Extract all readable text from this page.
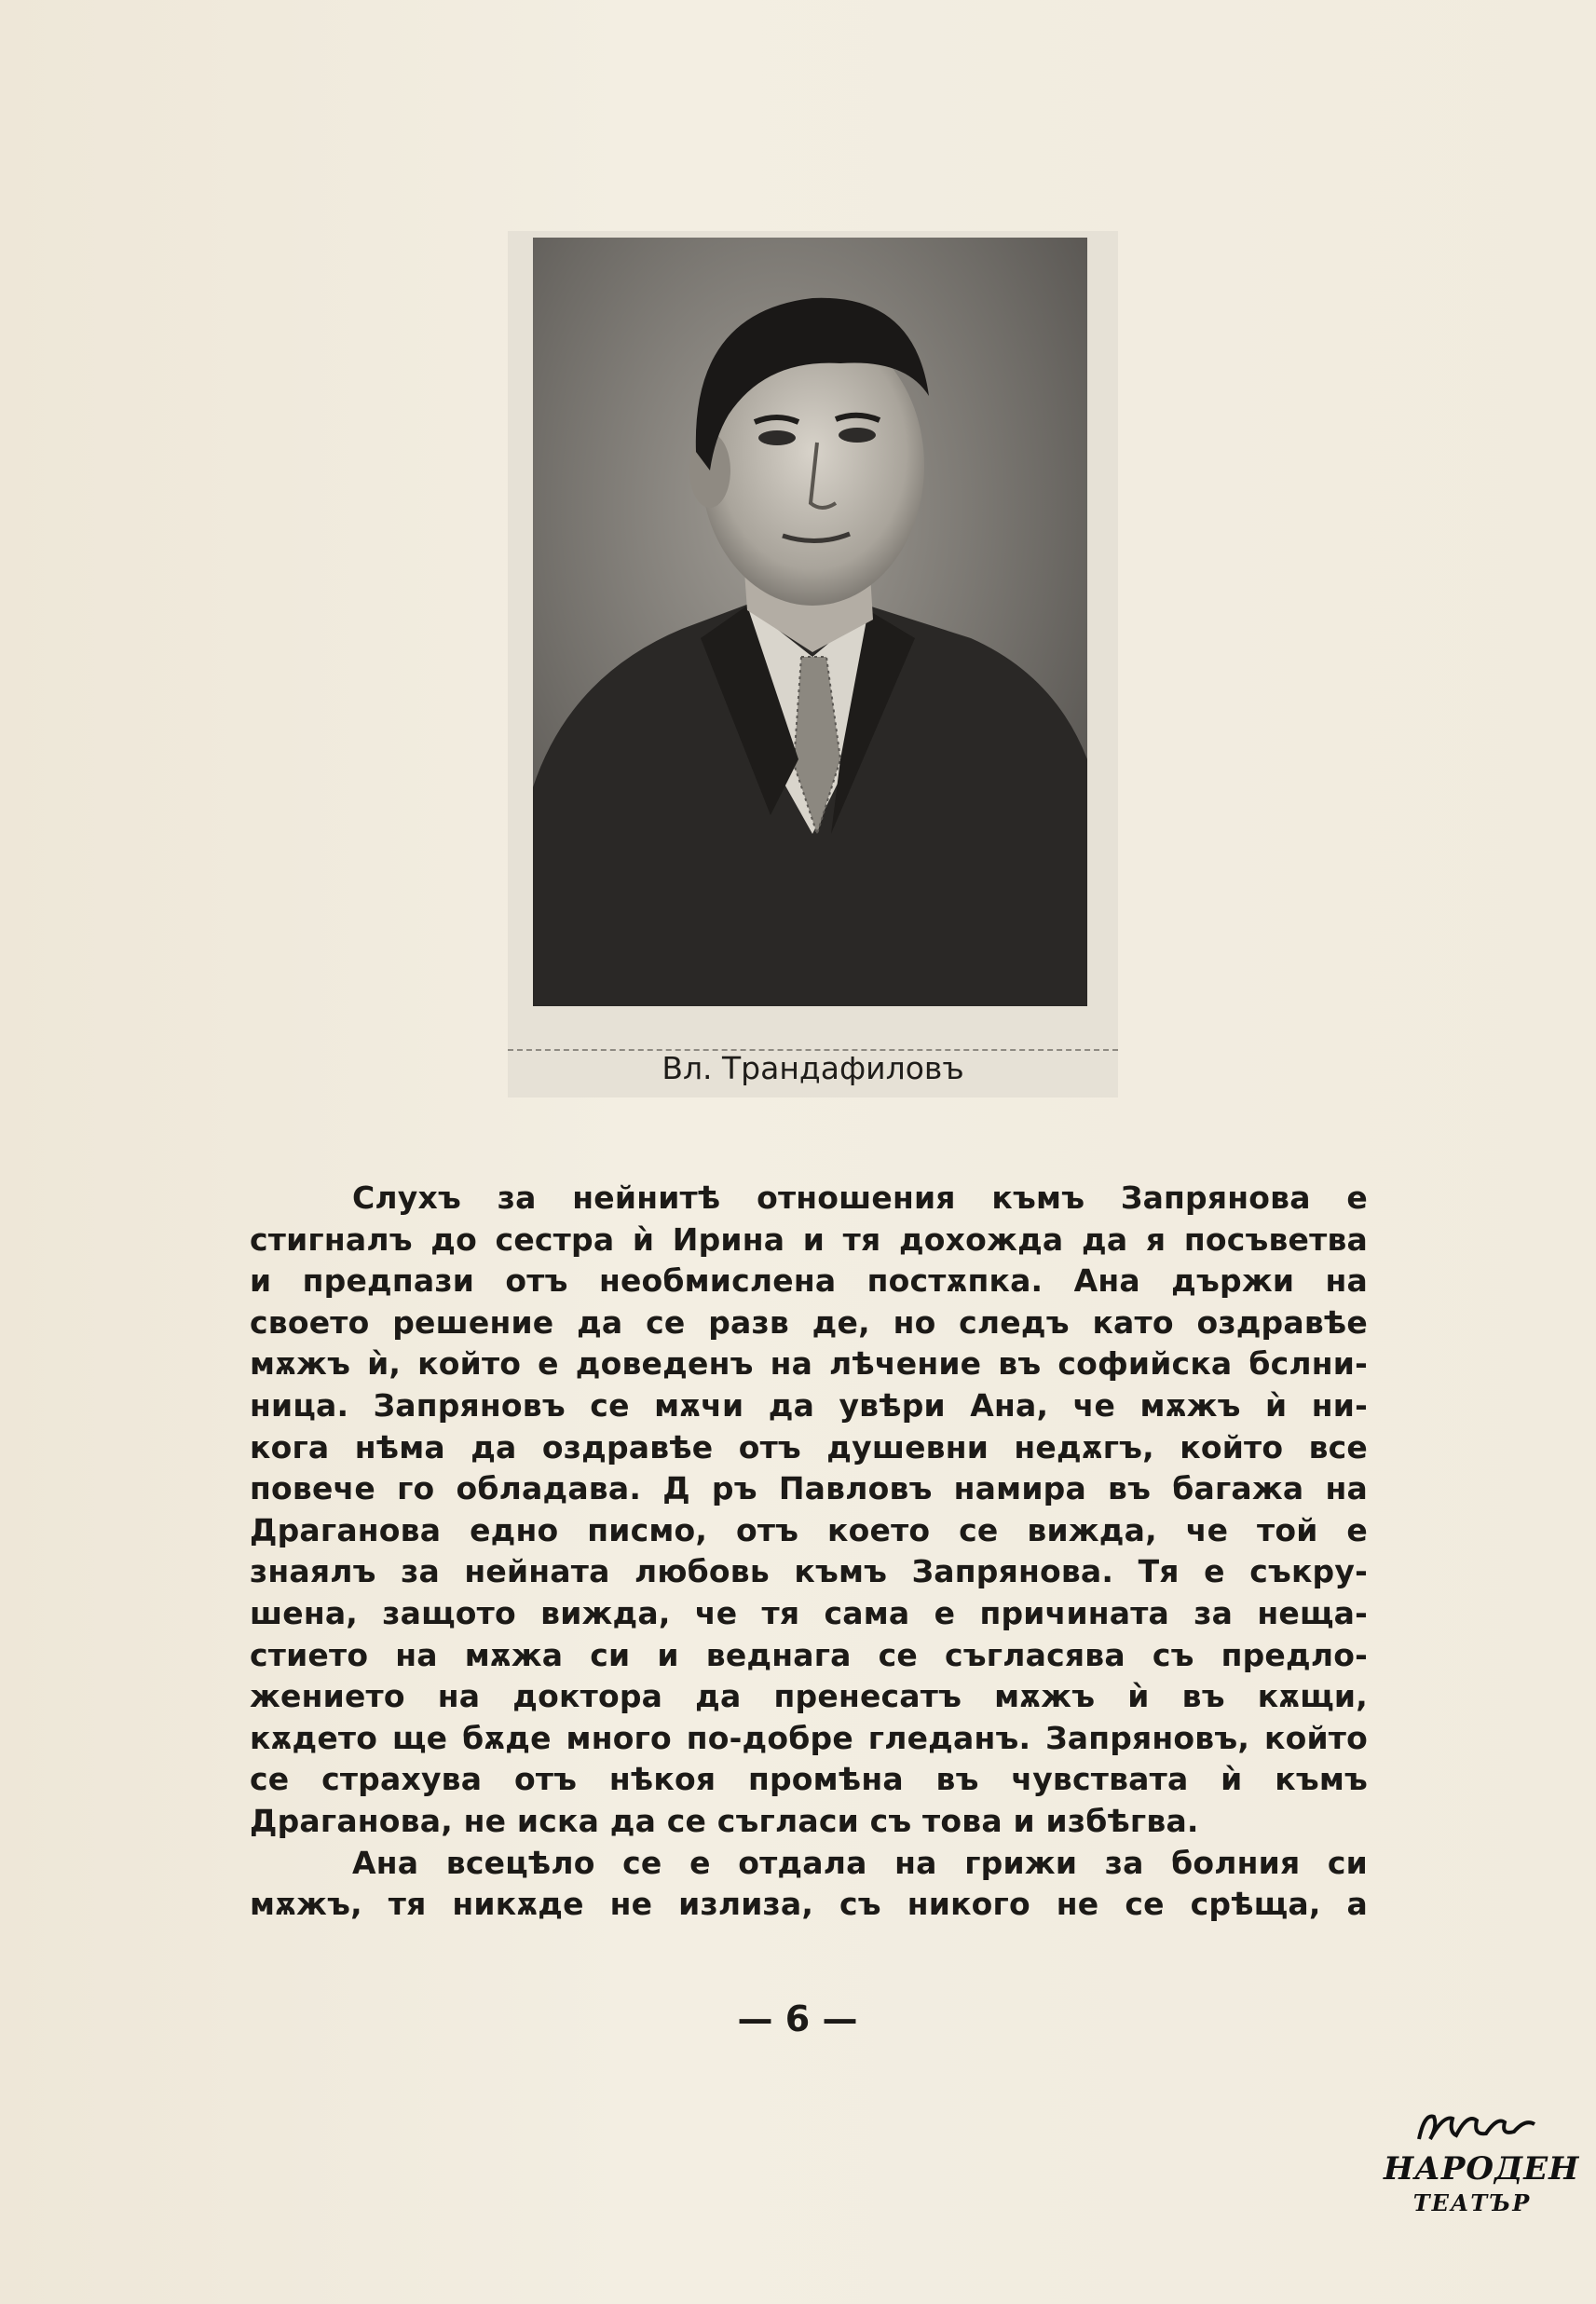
Вл. Трандафиловъ

Слухъ за нейнитѣ отношения къмъ Запрянова е

стигналъ до сестра ѝ Ирина и тя дохожда да я посъветва

и предпази отъ необмислена постѫпка. Ана държи на

своето решение да се разв де, но следъ като оздравѣе

мѫжъ ѝ, който е доведенъ на лѣчение въ софийска бслни-

ница. Запряновъ се мѫчи да увѣри Ана, че мѫжъ ѝ ни-

кога нѣма да оздравѣе отъ душевни недѫгъ, който все

повече го обладава. Д ръ Павловъ намира въ багажа на

Драганова едно писмо, отъ което се вижда, че той е

знаялъ за нейната любовь къмъ Запрянова. Тя е съкру-

шена, защото вижда, че тя сама е причината за неща-

стието на мѫжа си и веднага се съгласява съ предло-

жението на доктора да пренесатъ мѫжъ ѝ въ кѫщи,

кѫдето ще бѫде много по-добре гледанъ. Запряновъ, който

се страхува отъ нѣкоя промѣна въ чувствата ѝ къмъ

Драганова, не иска да се съгласи съ това и избѣгва.

Ана всецѣло се е отдала на грижи за болния си

мѫжъ, тя никѫде не излиза, съ никого не се срѣща, а

— 6 —
НАРОДЕН
ТЕАТЪР
